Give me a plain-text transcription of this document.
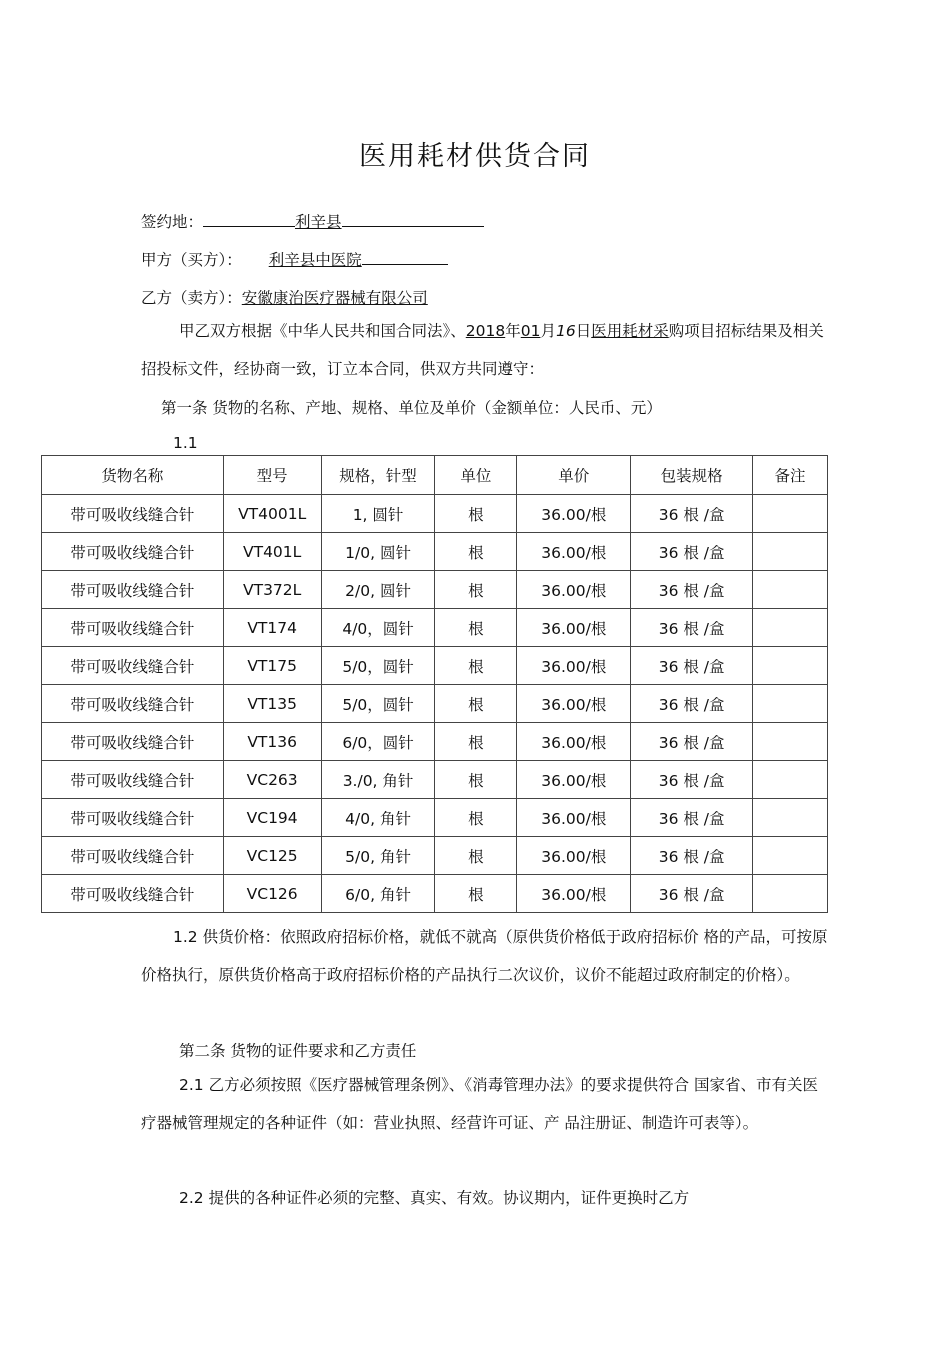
医用耗材供货合同
签约地：	利辛县
甲方（买方）： 利辛县中医院
乙方（卖方）：安徽康治医疗器械有限公司
甲乙双方根据《中华人民共和国合同法》、2018年01月16日医用耗材采购项目招标结果及相关招投标文件，经协商一致，订立本合同，供双方共同遵守：
第一条 货物的名称、产地、规格、单位及单价（金额单位：人民币、元）
1.1
货物名称	型号	规格，针型	单位	单价	包装规格	备注
带可吸收线缝合针	VT4001L	1, 圆针	根	36.00/根	36 根 /盒	
带可吸收线缝合针	VT401L	1/0, 圆针	根	36.00/根	36 根 /盒	
带可吸收线缝合针	VT372L	2/0, 圆针	根	36.00/根	36 根 /盒	
带可吸收线缝合针	VT174	4/0，圆针	根	36.00/根	36 根 /盒	
带可吸收线缝合针	VT175	5/0，圆针	根	36.00/根	36 根 /盒	
带可吸收线缝合针	VT135	5/0，圆针	根	36.00/根	36 根 /盒	
带可吸收线缝合针	VT136	6/0，圆针	根	36.00/根	36 根 /盒	
带可吸收线缝合针	VC263	3./0, 角针	根	36.00/根	36 根 /盒	
带可吸收线缝合针	VC194	4/0, 角针	根	36.00/根	36 根 /盒	
带可吸收线缝合针	VC125	5/0, 角针	根	36.00/根	36 根 /盒	
带可吸收线缝合针	VC126	6/0, 角针	根	36.00/根	36 根 /盒	
1.2 供货价格：依照政府招标价格，就低不就高（原供货价格低于政府招标价 格的产品，可按原价格执行，原供货价格高于政府招标价格的产品执行二次议价，议价不能超过政府制定的价格）。
第二条 货物的证件要求和乙方责任
2.1 乙方必须按照《医疗器械管理条例》、《消毒管理办法》的要求提供符合 国家省、市有关医疗器械管理规定的各种证件（如：营业执照、经营许可证、产 品注册证、制造许可表等）。
2.2 提供的各种证件必须的完整、真实、有效。协议期内，证件更换时乙方
